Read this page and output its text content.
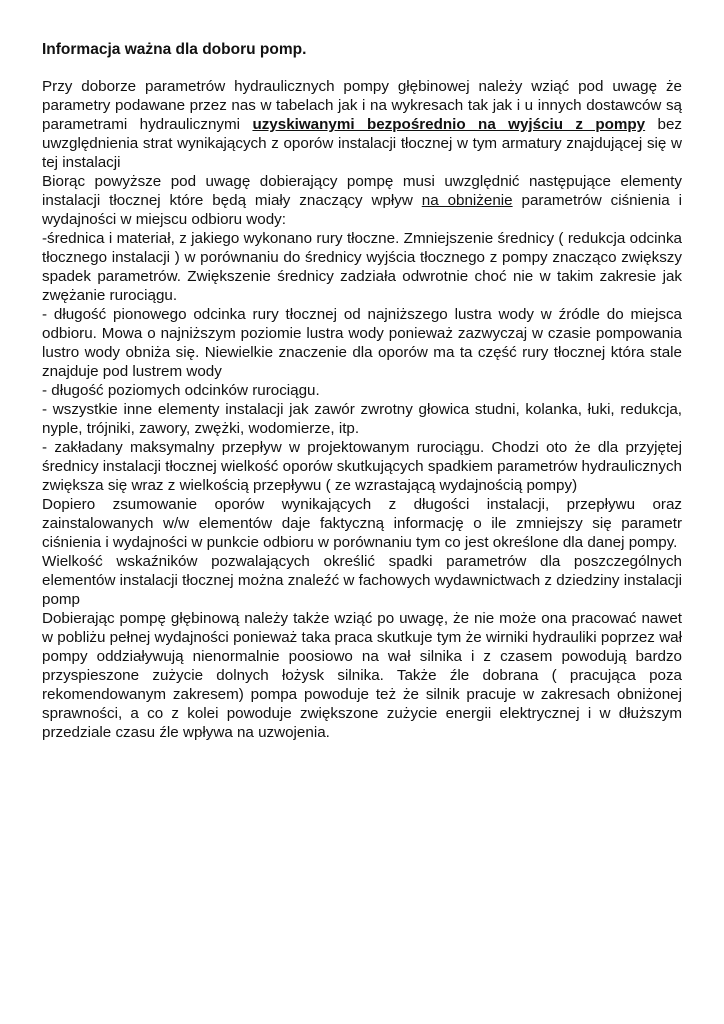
Informacja ważna dla doboru pomp.

Przy doborze parametrów hydraulicznych pompy głębinowej należy wziąć pod uwagę że parametry podawane przez nas w tabelach jak i na wykresach tak jak i u innych dostawców są parametrami hydraulicznymi uzyskiwanymi bezpośrednio na wyjściu z pompy bez uwzględnienia strat wynikających z oporów instalacji tłocznej w tym armatury znajdującej się w tej instalacji

Biorąc powyższe pod uwagę dobierający pompę musi uwzględnić następujące elementy instalacji tłocznej które będą miały znaczący wpływ na obniżenie parametrów ciśnienia i wydajności w miejscu odbioru wody:

-średnica i materiał, z jakiego wykonano rury tłoczne. Zmniejszenie średnicy ( redukcja odcinka tłocznego instalacji ) w porównaniu do średnicy wyjścia tłocznego z pompy znacząco zwiększy spadek parametrów. Zwiększenie średnicy zadziała odwrotnie choć nie w takim zakresie jak zwężanie rurociągu.

- długość pionowego odcinka rury tłocznej od najniższego lustra wody w źródle do miejsca odbioru. Mowa o najniższym poziomie lustra wody ponieważ zazwyczaj w czasie pompowania lustro wody obniża się. Niewielkie znaczenie dla oporów ma ta część rury tłocznej która stale znajduje pod lustrem wody

- długość poziomych odcinków rurociągu.

- wszystkie inne elementy instalacji jak zawór zwrotny głowica studni, kolanka, łuki, redukcja, nyple, trójniki, zawory, zwężki, wodomierze, itp.

- zakładany maksymalny przepływ w projektowanym rurociągu. Chodzi oto że dla przyjętej średnicy instalacji tłocznej wielkość oporów skutkujących spadkiem parametrów hydraulicznych zwiększa się wraz z wielkością przepływu ( ze wzrastającą wydajnością pompy)

Dopiero zsumowanie oporów wynikających z długości instalacji, przepływu oraz zainstalowanych w/w elementów daje faktyczną informację o ile zmniejszy się parametr ciśnienia i wydajności w punkcie odbioru w porównaniu tym co jest określone dla danej pompy.

Wielkość wskaźników pozwalających określić spadki parametrów dla poszczególnych elementów instalacji tłocznej można znaleźć w fachowych wydawnictwach z dziedziny instalacji pomp

Dobierając pompę głębinową należy także wziąć po uwagę, że nie może ona pracować nawet w pobliżu pełnej wydajności ponieważ taka praca skutkuje tym że wirniki hydrauliki poprzez wał pompy oddziaływują nienormalnie poosiowo na wał silnika i z czasem powodują bardzo przyspieszone zużycie dolnych łożysk silnika. Także źle dobrana ( pracująca poza rekomendowanym zakresem) pompa powoduje też że silnik pracuje w zakresach obniżonej sprawności, a co z kolei powoduje zwiększone zużycie energii elektrycznej i w dłuższym przedziale czasu źle wpływa na uzwojenia.
